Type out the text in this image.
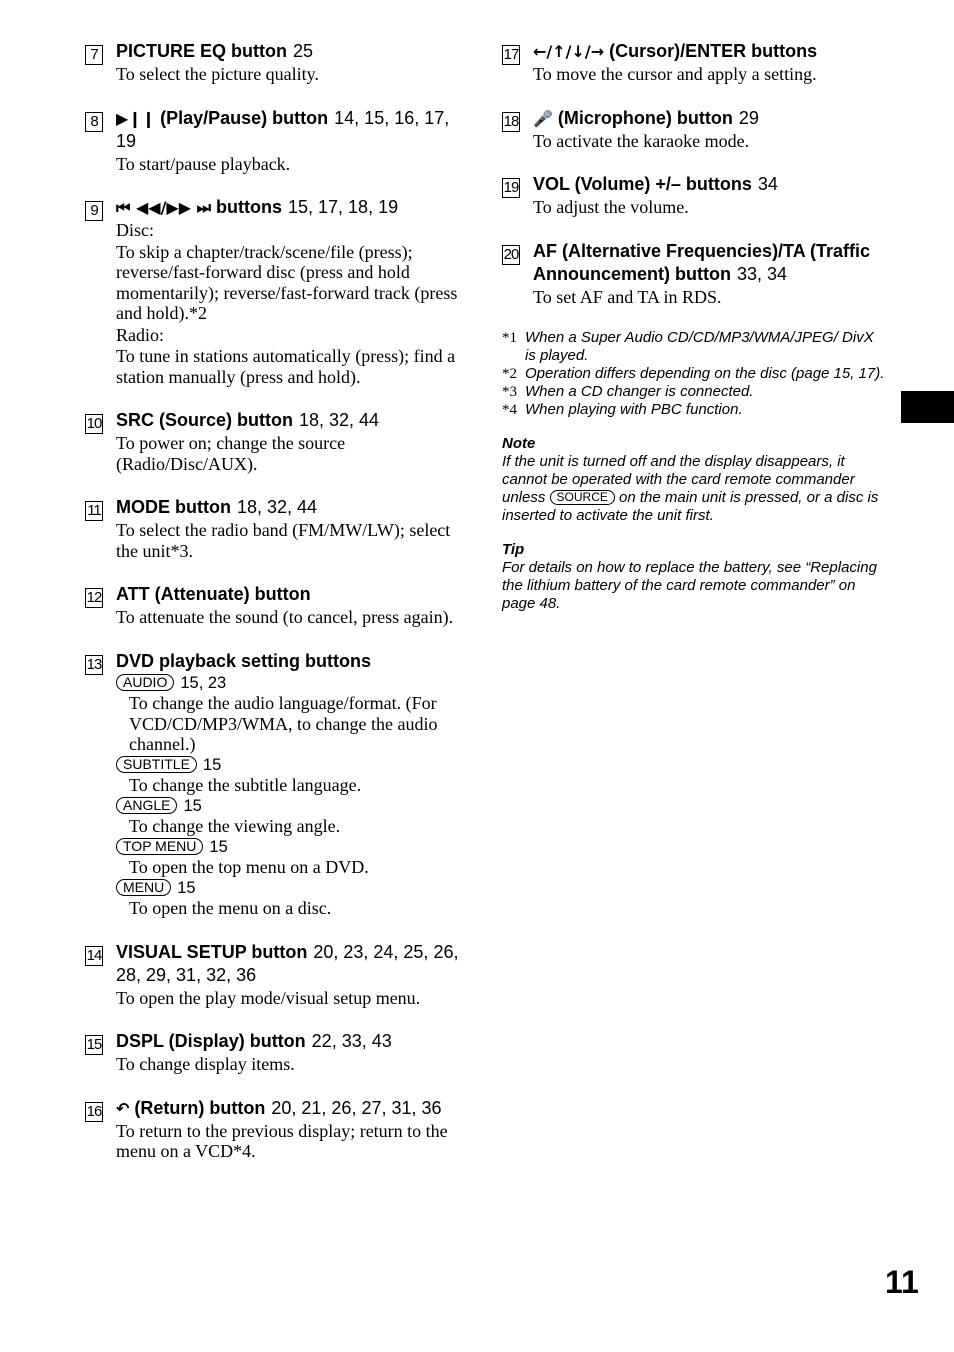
7 PICTURE EQ button 25
To select the picture quality.
8	▶❙❙ (Play/Pause) button 14, 15, 16, 17, 19
To start/pause playback.
9	⏮ ◀◀/▶▶ ⏭ buttons 15, 17, 18, 19
Disc:
To skip a chapter/track/scene/file (press); reverse/fast-forward disc (press and hold momentarily); reverse/fast-forward track (press and hold).*2
Radio:
To tune in stations automatically (press); find a station manually (press and hold).
10 SRC (Source) button 18, 32, 44
To power on; change the source (Radio/Disc/AUX).
11 MODE button 18, 32, 44
To select the radio band (FM/MW/LW); select the unit*3.
12 ATT (Attenuate) button
To attenuate the sound (to cancel, press again).
13 DVD playback setting buttons
AUDIO 15, 23
To change the audio language/format. (For VCD/CD/MP3/WMA, to change the audio channel.)
SUBTITLE 15
To change the subtitle language.
ANGLE 15
To change the viewing angle.
TOP MENU 15
To open the top menu on a DVD.
MENU 15
To open the menu on a disc.
14 VISUAL SETUP button 20, 23, 24, 25, 26, 28, 29, 31, 32, 36
To open the play mode/visual setup menu.
15 DSPL (Display) button 22, 33, 43
To change display items.
16 ↶ (Return) button 20, 21, 26, 27, 31, 36
To return to the previous display; return to the menu on a VCD*4.
17 ←/↑/↓/→ (Cursor)/ENTER buttons
To move the cursor and apply a setting.
18 🎤 (Microphone) button 29
To activate the karaoke mode.
19 VOL (Volume) +/– buttons 34
To adjust the volume.
20 AF (Alternative Frequencies)/TA (Traffic Announcement) button 33, 34
To set AF and TA in RDS.
*1 When a Super Audio CD/CD/MP3/WMA/JPEG/ DivX is played.
*2 Operation differs depending on the disc (page 15, 17).
*3 When a CD changer is connected.
*4 When playing with PBC function.
Note
If the unit is turned off and the display disappears, it cannot be operated with the card remote commander unless SOURCE on the main unit is pressed, or a disc is inserted to activate the unit first.
Tip
For details on how to replace the battery, see “Replacing the lithium battery of the card remote commander” on page 48.
11
